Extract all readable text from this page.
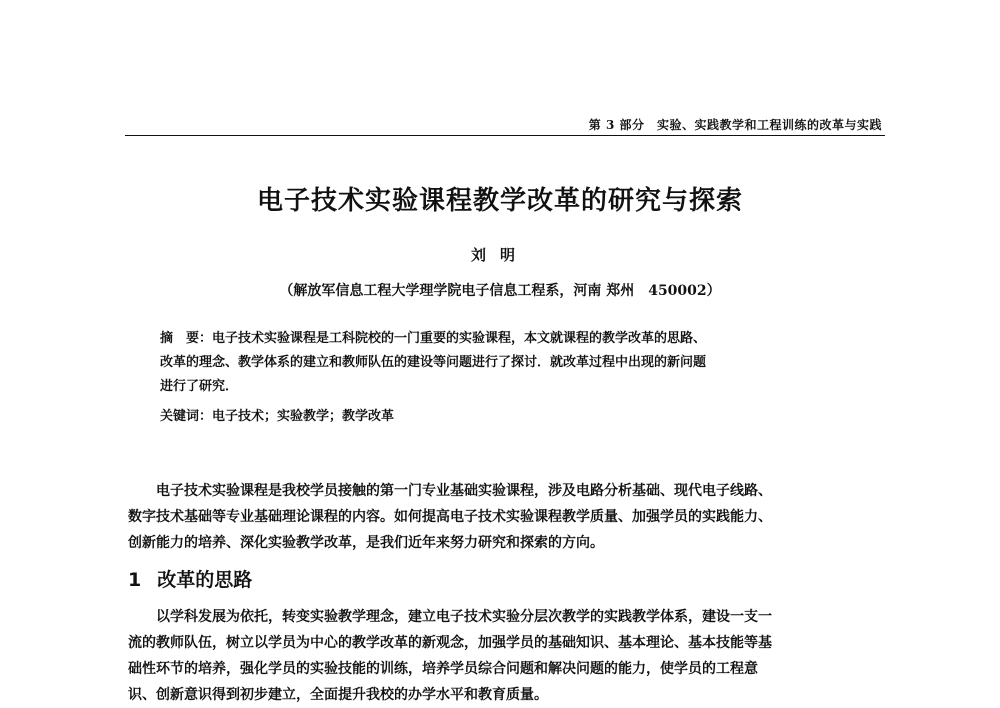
第 3 部分　实验、实践教学和工程训练的改革与实践
电子技术实验课程教学改革的研究与探索
刘明
（解放军信息工程大学理学院电子信息工程系，河南 郑州　450002）
摘　要：电子技术实验课程是工科院校的一门重要的实验课程，本文就课程的教学改革的思路、
改革的理念、教学体系的建立和教师队伍的建设等问题进行了探讨．就改革过程中出现的新问题
进行了研究．
关键词：电子技术；实验教学；教学改革
电子技术实验课程是我校学员接触的第一门专业基础实验课程，涉及电路分析基础、现代电子线路、
数字技术基础等专业基础理论课程的内容。如何提高电子技术实验课程教学质量、加强学员的实践能力、
创新能力的培养、深化实验教学改革，是我们近年来努力研究和探索的方向。
1 改革的思路
以学科发展为依托，转变实验教学理念，建立电子技术实验分层次教学的实践教学体系，建设一支一
流的教师队伍，树立以学员为中心的教学改革的新观念，加强学员的基础知识、基本理论、基本技能等基
础性环节的培养，强化学员的实验技能的训练，培养学员综合问题和解决问题的能力，使学员的工程意
识、创新意识得到初步建立，全面提升我校的办学水平和教育质量。
